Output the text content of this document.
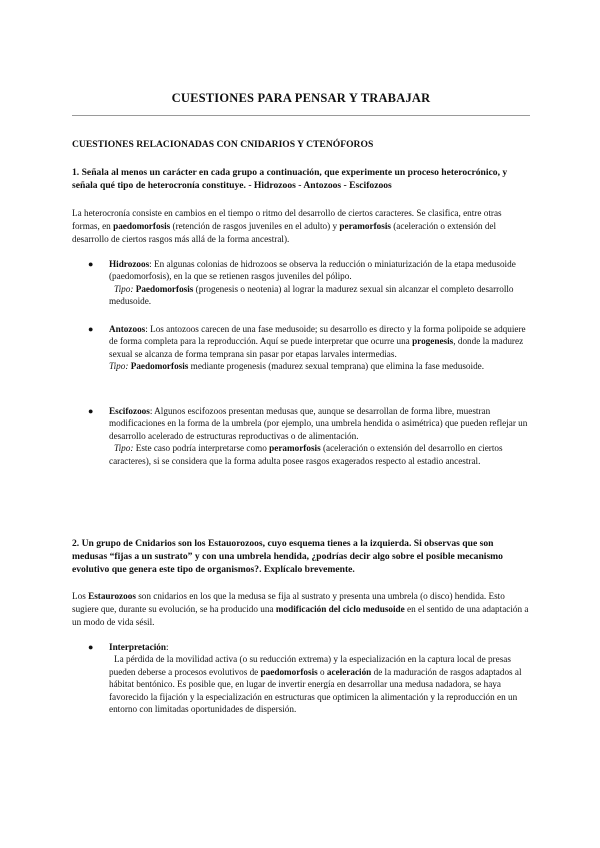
CUESTIONES PARA PENSAR Y TRABAJAR
CUESTIONES RELACIONADAS CON CNIDARIOS Y CTENÓFOROS
1. Señala al menos un carácter en cada grupo a continuación, que experimente un proceso heterocrónico, y señala qué tipo de heterocronía constituye. - Hidrozoos - Antozoos - Escifozoos
La heterocronía consiste en cambios en el tiempo o ritmo del desarrollo de ciertos caracteres. Se clasifica, entre otras formas, en paedomorfosis (retención de rasgos juveniles en el adulto) y peramorfosis (aceleración o extensión del desarrollo de ciertos rasgos más allá de la forma ancestral).
● Hidrozoos: En algunas colonias de hidrozoos se observa la reducción o miniaturización de la etapa medusoide (paedomorfosis), en la que se retienen rasgos juveniles del pólipo.
Tipo: Paedomorfosis (progenesis o neotenia) al lograr la madurez sexual sin alcanzar el completo desarrollo medusoide.
● Antozoos: Los antozoos carecen de una fase medusoide; su desarrollo es directo y la forma polipoide se adquiere de forma completa para la reproducción. Aquí se puede interpretar que ocurre una progenesis, donde la madurez sexual se alcanza de forma temprana sin pasar por etapas larvales intermedias.
Tipo: Paedomorfosis mediante progenesis (madurez sexual temprana) que elimina la fase medusoide.
● Escifozoos: Algunos escifozoos presentan medusas que, aunque se desarrollan de forma libre, muestran modificaciones en la forma de la umbrela (por ejemplo, una umbrela hendida o asimétrica) que pueden reflejar un desarrollo acelerado de estructuras reproductivas o de alimentación.
Tipo: Este caso podría interpretarse como peramorfosis (aceleración o extensión del desarrollo en ciertos caracteres), si se considera que la forma adulta posee rasgos exagerados respecto al estadio ancestral.
2. Un grupo de Cnidarios son los Estauorozoos, cuyo esquema tienes a la izquierda. Si observas que son medusas “fijas a un sustrato” y con una umbrela hendida, ¿podrías decir algo sobre el posible mecanismo evolutivo que genera este tipo de organismos?. Explícalo brevemente.
Los Estaurozoos son cnidarios en los que la medusa se fija al sustrato y presenta una umbrela (o disco) hendida. Esto sugiere que, durante su evolución, se ha producido una modificación del ciclo medusoide en el sentido de una adaptación a un modo de vida sésil.
● Interpretación:
La pérdida de la movilidad activa (o su reducción extrema) y la especialización en la captura local de presas pueden deberse a procesos evolutivos de paedomorfosis o aceleración de la maduración de rasgos adaptados al hábitat bentónico. Es posible que, en lugar de invertir energía en desarrollar una medusa nadadora, se haya favorecido la fijación y la especialización en estructuras que optimicen la alimentación y la reproducción en un entorno con limitadas oportunidades de dispersión.
